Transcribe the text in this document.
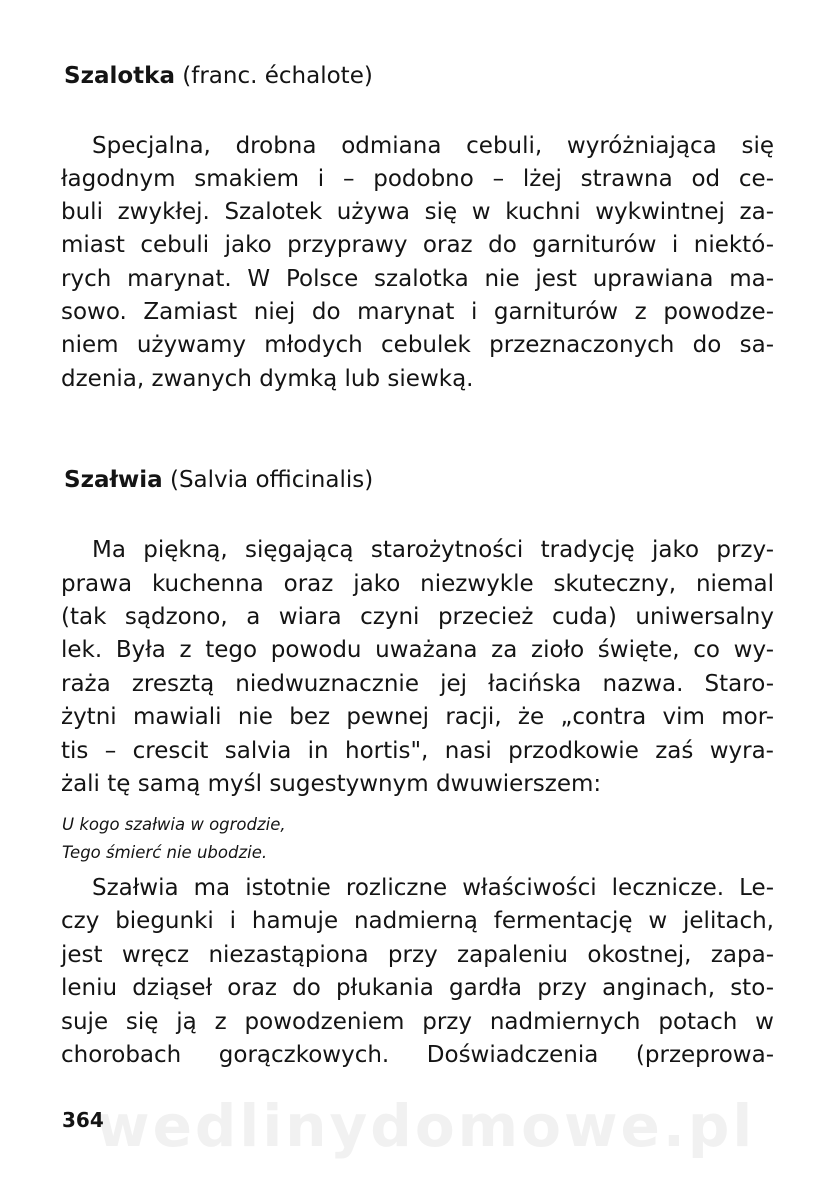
Szalotka (franc. échalote)
Specjalna, drobna odmiana cebuli, wyróżniająca się
łagodnym smakiem i – podobno – lżej strawna od ce-
buli zwykłej. Szalotek używa się w kuchni wykwintnej za-
miast cebuli jako przyprawy oraz do garniturów i niektó-
rych marynat. W Polsce szalotka nie jest uprawiana ma-
sowo. Zamiast niej do marynat i garniturów z powodze-
niem używamy młodych cebulek przeznaczonych do sa-
dzenia, zwanych dymką lub siewką.
Szałwia (Salvia officinalis)
Ma piękną, sięgającą starożytności tradycję jako przy-
prawa kuchenna oraz jako niezwykle skuteczny, niemal
(tak sądzono, a wiara czyni przecież cuda) uniwersalny
lek. Była z tego powodu uważana za zioło święte, co wy-
raża zresztą niedwuznacznie jej łacińska nazwa. Staro-
żytni mawiali nie bez pewnej racji, że „contra vim mor-
tis – crescit salvia in hortis", nasi przodkowie zaś wyra-
żali tę samą myśl sugestywnym dwuwierszem:
U kogo szałwia w ogrodzie,
Tego śmierć nie ubodzie.
Szałwia ma istotnie rozliczne właściwości lecznicze. Le-
czy biegunki i hamuje nadmierną fermentację w jelitach,
jest wręcz niezastąpiona przy zapaleniu okostnej, zapa-
leniu dziąseł oraz do płukania gardła przy anginach, sto-
suje się ją z powodzeniem przy nadmiernych potach w
chorobach gorączkowych. Doświadczenia (przeprowa-
wedlinydomowe.pl
364
